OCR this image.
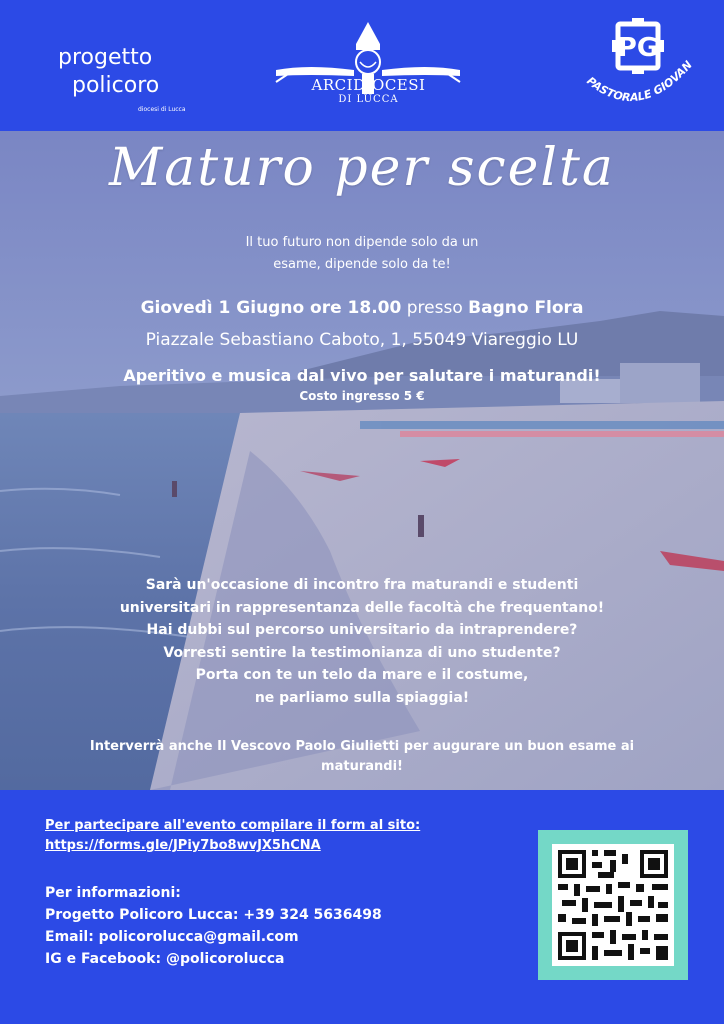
progetto
policoro
diocesi di Lucca
ARCIDIOCESI
DI LUCCA
PG
PASTORALE GIOVAN
Maturo per scelta
Il tuo futuro non dipende solo da un
esame, dipende solo da te!
Giovedì 1 Giugno ore 18.00 presso Bagno Flora
Piazzale Sebastiano Caboto, 1, 55049 Viareggio LU
Aperitivo e musica dal vivo per salutare i maturandi!
Costo ingresso 5 €
Sarà un'occasione di incontro fra maturandi e studenti
universitari in rappresentanza delle facoltà che frequentano!
Hai dubbi sul percorso universitario da intraprendere?
Vorresti sentire la testimonianza di uno studente?
Porta con te un telo da mare e il costume,
ne parliamo sulla spiaggia!
Interverrà anche Il Vescovo Paolo Giulietti per augurare un buon esame ai maturandi!
Per partecipare all'evento compilare il form al sito:
https://forms.gle/JPiy7bo8wvJX5hCNA
Per informazioni:
Progetto Policoro Lucca: +39 324 5636498
Email: policorolucca@gmail.com
IG e Facebook: @policorolucca
